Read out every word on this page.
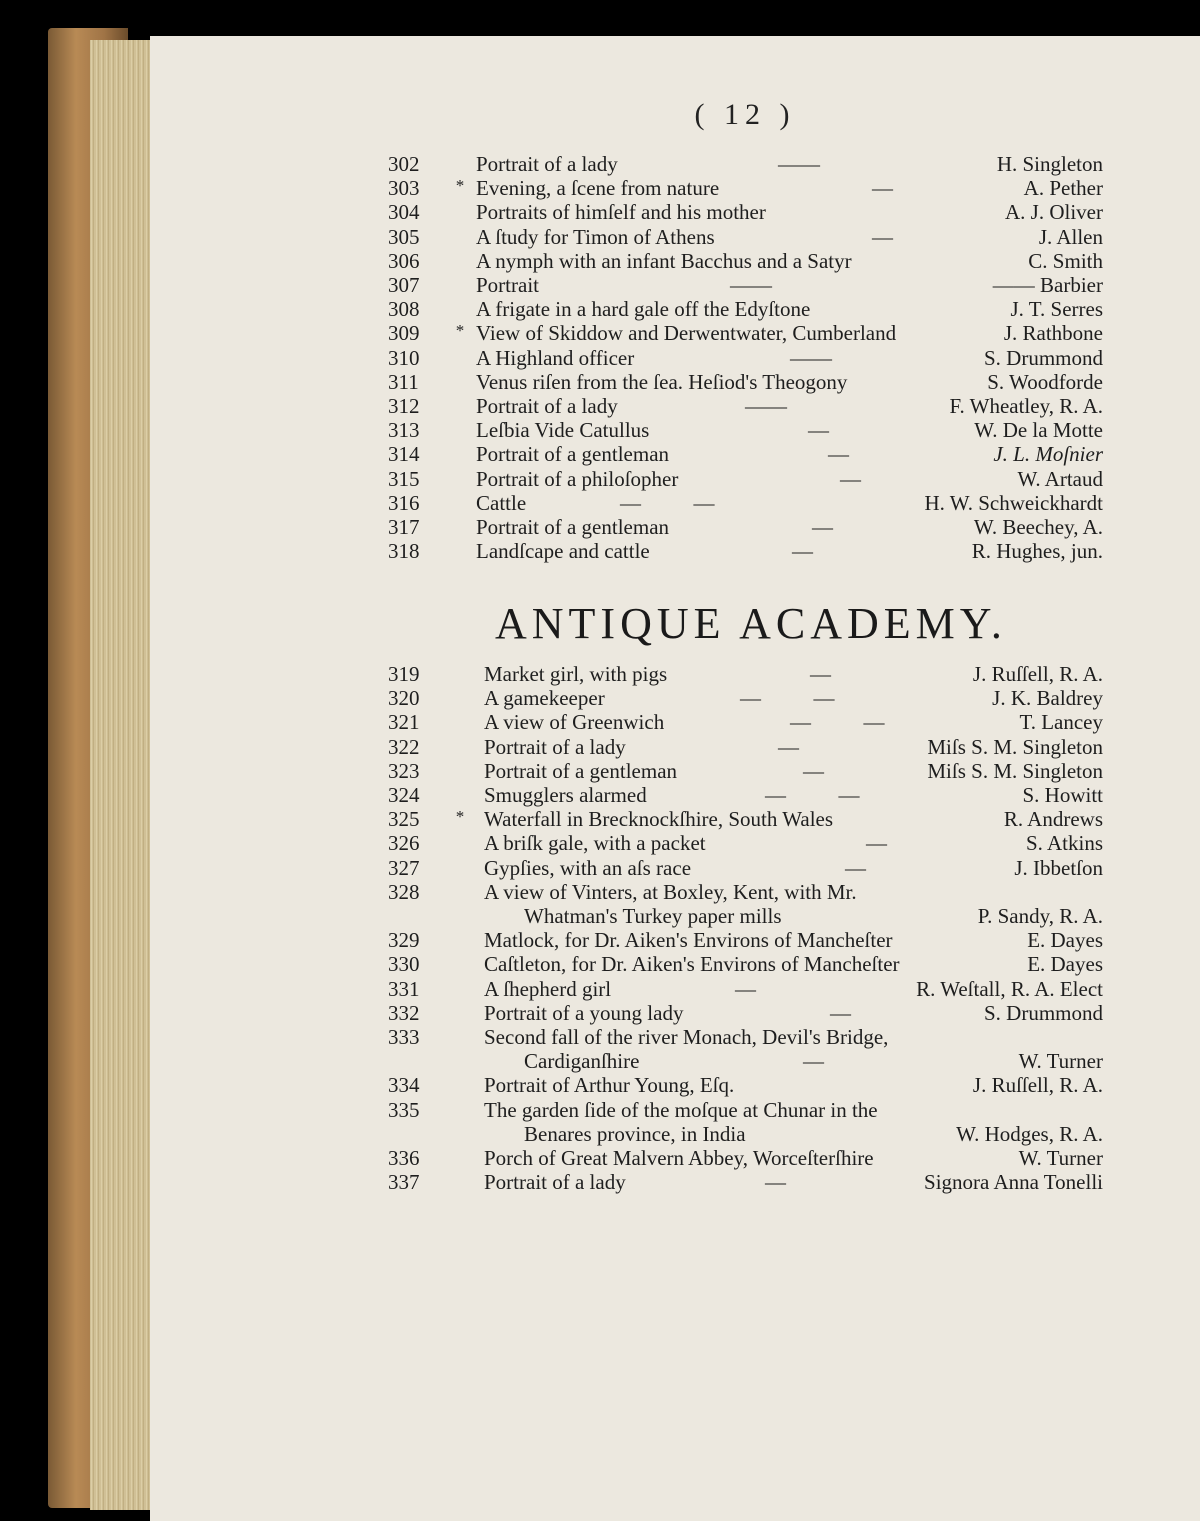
( 12 )
302	Portrait of a lady	——	H. Singleton
303	* Evening, a ſcene from nature	—	A. Pether
304	Portraits of himſelf and his mother	A. J. Oliver
305	A ſtudy for Timon of Athens	—	J. Allen
306	A nymph with an infant Bacchus and a Satyr	C. Smith
307	Portrait	——	—— Barbier
308	A frigate in a hard gale off the Edyſtone	J. T. Serres
309	* View of Skiddow and Derwentwater, Cumberland	J. Rathbone
310	A Highland officer	——	S. Drummond
311	Venus riſen from the ſea. Heſiod's Theogony	S. Woodforde
312	Portrait of a lady	——	F. Wheatley, R. A.
313	Leſbia Vide Catullus	—	W. De la Motte
314	Portrait of a gentleman	—	J. L. Moſnier
315	Portrait of a philoſopher	—	W. Artaud
316	Cattle	—          —	H. W. Schweickhardt
317	Portrait of a gentleman	—	W. Beechey, A.
318	Landſcape and cattle	—	R. Hughes, jun.
ANTIQUE ACADEMY.
319	Market girl, with pigs	—	J. Ruſſell, R. A.
320	A gamekeeper	—          —	J. K. Baldrey
321	A view of Greenwich	—          —	T. Lancey
322	Portrait of a lady	—	Miſs S. M. Singleton
323	Portrait of a gentleman	—	Miſs S. M. Singleton
324	Smugglers alarmed	—          —	S. Howitt
325	* Waterfall in Brecknockſhire, South Wales	R. Andrews
326	A briſk gale, with a packet	—	S. Atkins
327	Gypſies, with an aſs race	—	J. Ibbetſon
328	A view of Vinters, at Boxley, Kent, with Mr.
Whatman's Turkey paper mills	P. Sandy, R. A.
329	Matlock, for Dr. Aiken's Environs of Mancheſter	E. Dayes
330	Caſtleton, for Dr. Aiken's Environs of Mancheſter	E. Dayes
331	A ſhepherd girl	—	R. Weſtall, R. A. Elect
332	Portrait of a young lady	—	S. Drummond
333	Second fall of the river Monach, Devil's Bridge,
Cardiganſhire	—	W. Turner
334	Portrait of Arthur Young, Eſq.	J. Ruſſell, R. A.
335	The garden ſide of the moſque at Chunar in the
Benares province, in India	W. Hodges, R. A.
336	Porch of Great Malvern Abbey, Worceſterſhire	W. Turner
337	Portrait of a lady	—	Signora Anna Tonelli
